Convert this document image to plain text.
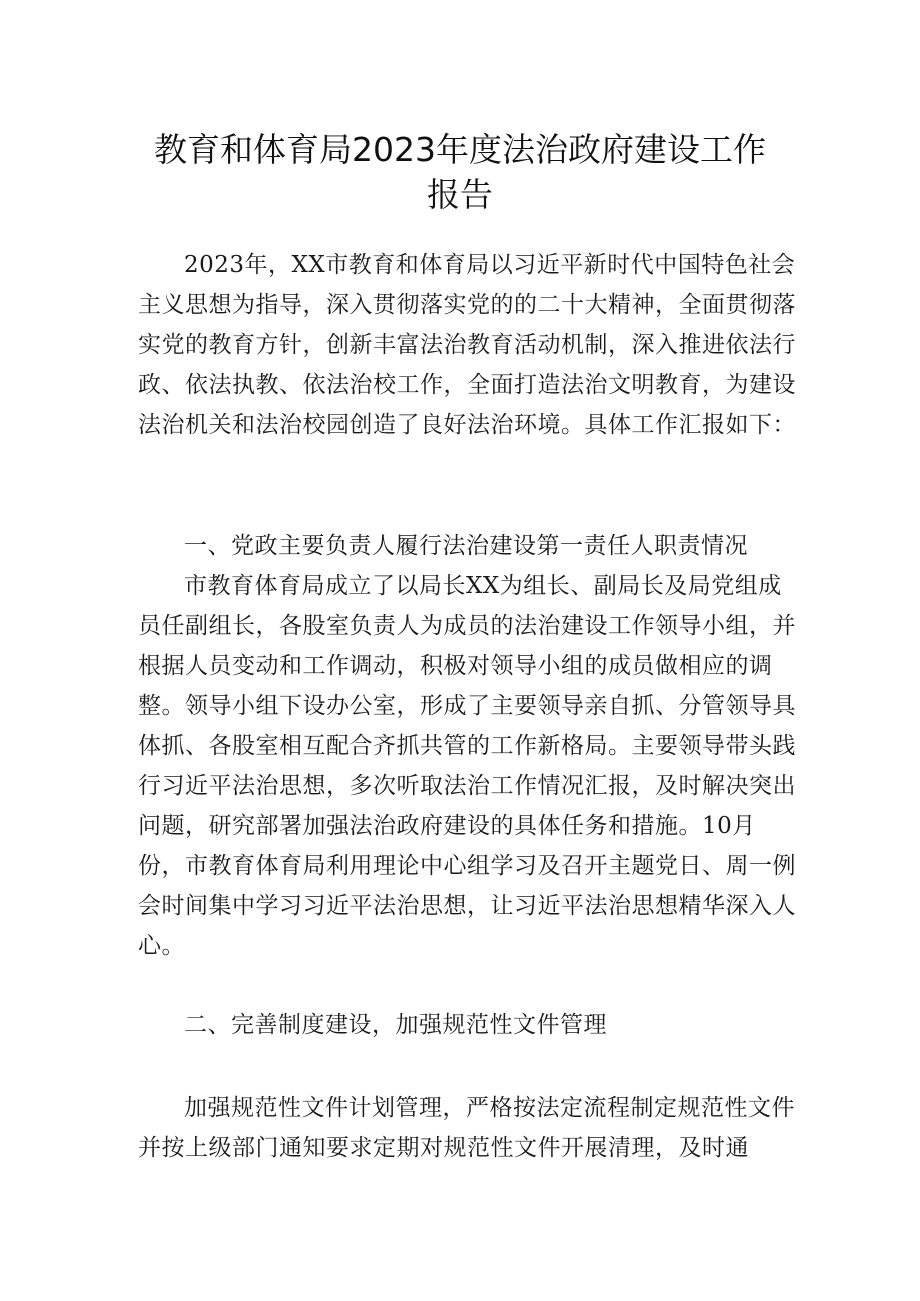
教育和体育局2023年度法治政府建设工作
报告
2023年，XX市教育和体育局以习近平新时代中国特色社会主义思想为指导，深入贯彻落实党的的二十大精神，全面贯彻落实党的教育方针，创新丰富法治教育活动机制，深入推进依法行政、依法执教、依法治校工作，全面打造法治文明教育，为建设法治机关和法治校园创造了良好法治环境。具体工作汇报如下：
一、党政主要负责人履行法治建设第一责任人职责情况
市教育体育局成立了以局长XX为组长、副局长及局党组成员任副组长，各股室负责人为成员的法治建设工作领导小组，并根据人员变动和工作调动，积极对领导小组的成员做相应的调整。领导小组下设办公室，形成了主要领导亲自抓、分管领导具体抓、各股室相互配合齐抓共管的工作新格局。主要领导带头践行习近平法治思想，多次听取法治工作情况汇报，及时解决突出问题，研究部署加强法治政府建设的具体任务和措施。10月份，市教育体育局利用理论中心组学习及召开主题党日、周一例会时间集中学习习近平法治思想，让习近平法治思想精华深入人心。
二、完善制度建设，加强规范性文件管理
加强规范性文件计划管理，严格按法定流程制定规范性文件并按上级部门通知要求定期对规范性文件开展清理，及时通
